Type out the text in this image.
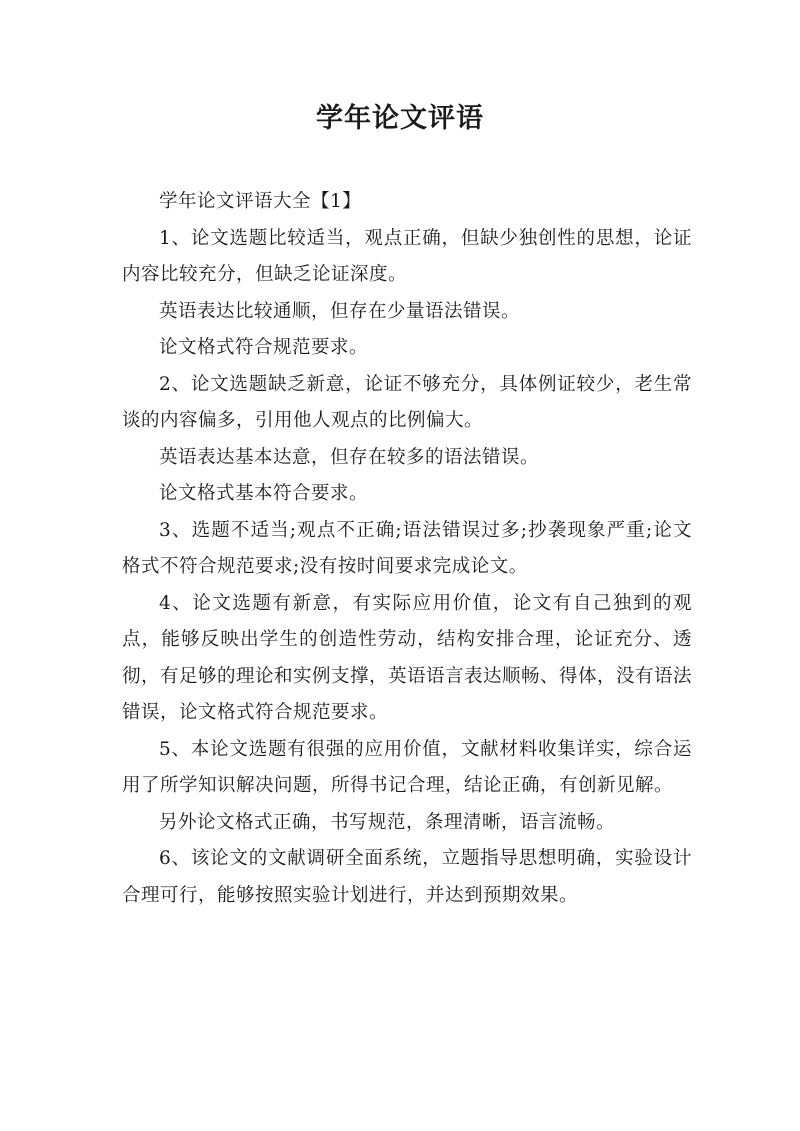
学年论文评语

学年论文评语大全【1】

1、论文选题比较适当，观点正确，但缺少独创性的思想，论证内容比较充分，但缺乏论证深度。

英语表达比较通顺，但存在少量语法错误。

论文格式符合规范要求。

2、论文选题缺乏新意，论证不够充分，具体例证较少，老生常谈的内容偏多，引用他人观点的比例偏大。

英语表达基本达意，但存在较多的语法错误。

论文格式基本符合要求。

3、选题不适当;观点不正确;语法错误过多;抄袭现象严重;论文格式不符合规范要求;没有按时间要求完成论文。

4、论文选题有新意，有实际应用价值，论文有自己独到的观点，能够反映出学生的创造性劳动，结构安排合理，论证充分、透彻，有足够的理论和实例支撑，英语语言表达顺畅、得体，没有语法错误，论文格式符合规范要求。

5、本论文选题有很强的应用价值，文献材料收集详实，综合运用了所学知识解决问题，所得书记合理，结论正确，有创新见解。

另外论文格式正确，书写规范，条理清晰，语言流畅。

6、该论文的文献调研全面系统，立题指导思想明确，实验设计合理可行，能够按照实验计划进行，并达到预期效果。
